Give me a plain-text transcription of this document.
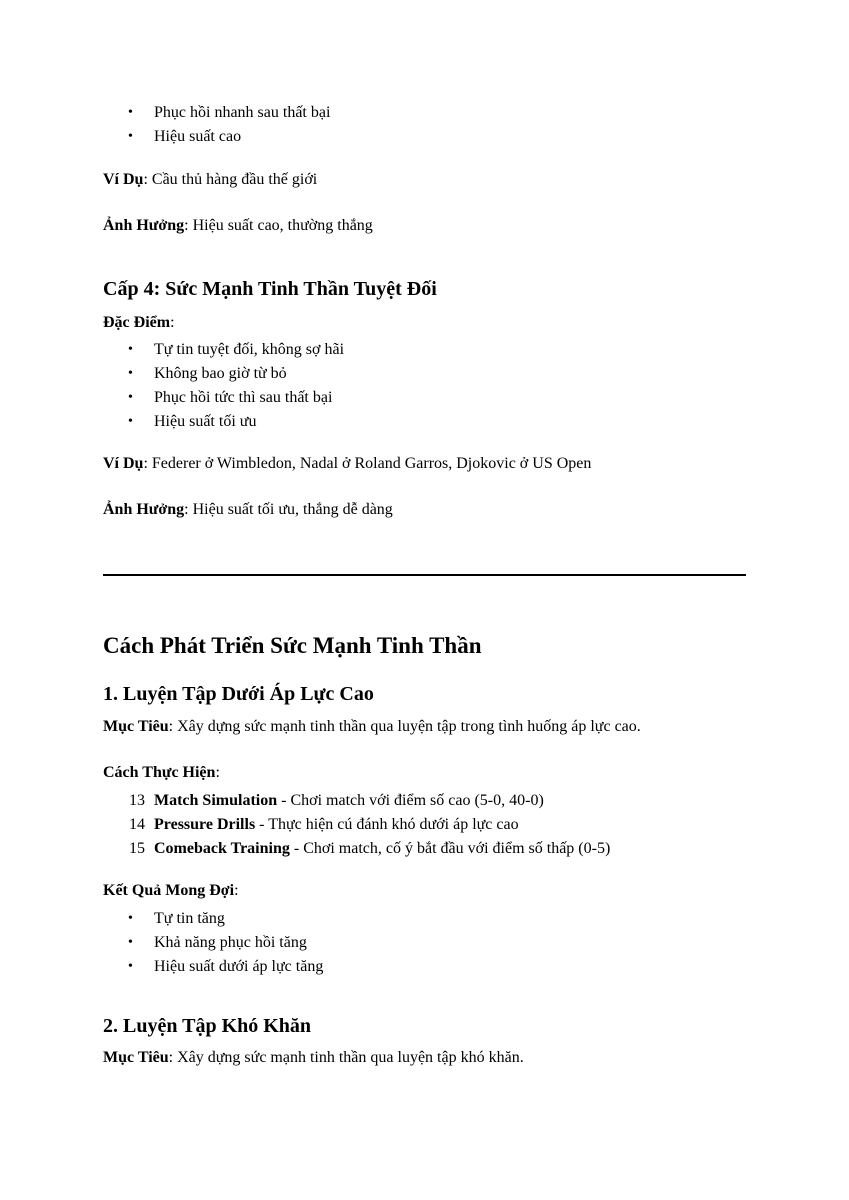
• Phục hồi nhanh sau thất bại
• Hiệu suất cao
Ví Dụ: Cầu thủ hàng đầu thế giới
Ảnh Hưởng: Hiệu suất cao, thường thắng
Cấp 4: Sức Mạnh Tinh Thần Tuyệt Đối
Đặc Điểm:
• Tự tin tuyệt đối, không sợ hãi
• Không bao giờ từ bỏ
• Phục hồi tức thì sau thất bại
• Hiệu suất tối ưu
Ví Dụ: Federer ở Wimbledon, Nadal ở Roland Garros, Djokovic ở US Open
Ảnh Hưởng: Hiệu suất tối ưu, thắng dễ dàng
Cách Phát Triển Sức Mạnh Tinh Thần
1. Luyện Tập Dưới Áp Lực Cao
Mục Tiêu: Xây dựng sức mạnh tinh thần qua luyện tập trong tình huống áp lực cao.
Cách Thực Hiện:
13 Match Simulation - Chơi match với điểm số cao (5-0, 40-0)
14 Pressure Drills - Thực hiện cú đánh khó dưới áp lực cao
15 Comeback Training - Chơi match, cố ý bắt đầu với điểm số thấp (0-5)
Kết Quả Mong Đợi:
• Tự tin tăng
• Khả năng phục hồi tăng
• Hiệu suất dưới áp lực tăng
2. Luyện Tập Khó Khăn
Mục Tiêu: Xây dựng sức mạnh tinh thần qua luyện tập khó khăn.
